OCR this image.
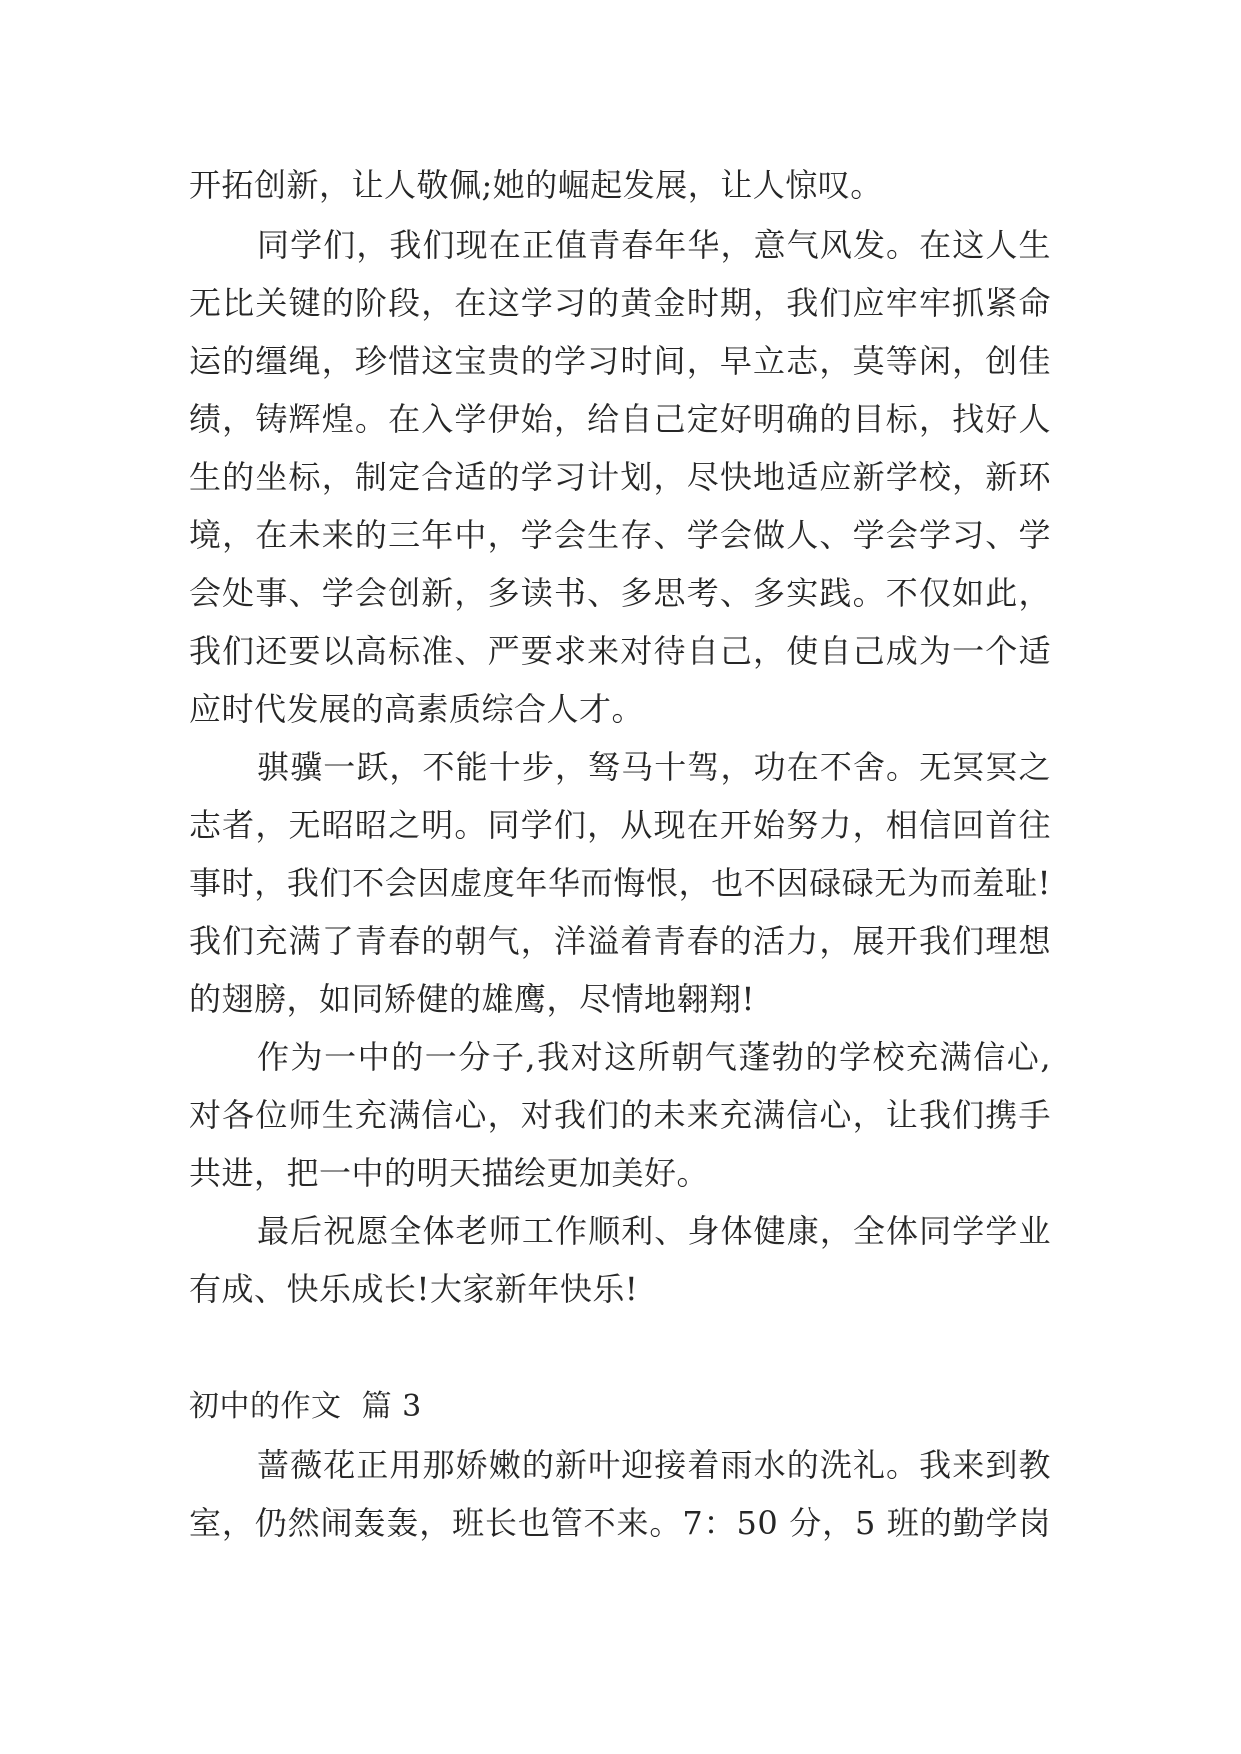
开拓创新，让人敬佩;她的崛起发展，让人惊叹。
同学们，我们现在正值青春年华，意气风发。在这人生
无比关键的阶段，在这学习的黄金时期，我们应牢牢抓紧命
运的缰绳，珍惜这宝贵的学习时间，早立志，莫等闲，创佳
绩，铸辉煌。在入学伊始，给自己定好明确的目标，找好人
生的坐标，制定合适的学习计划，尽快地适应新学校，新环
境，在未来的三年中，学会生存、学会做人、学会学习、学
会处事、学会创新，多读书、多思考、多实践。不仅如此，
我们还要以高标准、严要求来对待自己，使自己成为一个适
应时代发展的高素质综合人才。
骐骥一跃，不能十步，驽马十驾，功在不舍。无冥冥之
志者，无昭昭之明。同学们，从现在开始努力，相信回首往
事时，我们不会因虚度年华而悔恨，也不因碌碌无为而羞耻!
我们充满了青春的朝气，洋溢着青春的活力，展开我们理想
的翅膀，如同矫健的雄鹰，尽情地翱翔!
作为一中的一分子,我对这所朝气蓬勃的学校充满信心,
对各位师生充满信心，对我们的未来充满信心，让我们携手
共进，把一中的明天描绘更加美好。
最后祝愿全体老师工作顺利、身体健康，全体同学学业
有成、快乐成长!大家新年快乐!
初中的作文  篇 3
蔷薇花正用那娇嫩的新叶迎接着雨水的洗礼。我来到教
室，仍然闹轰轰，班长也管不来。7：50 分，5 班的勤学岗
